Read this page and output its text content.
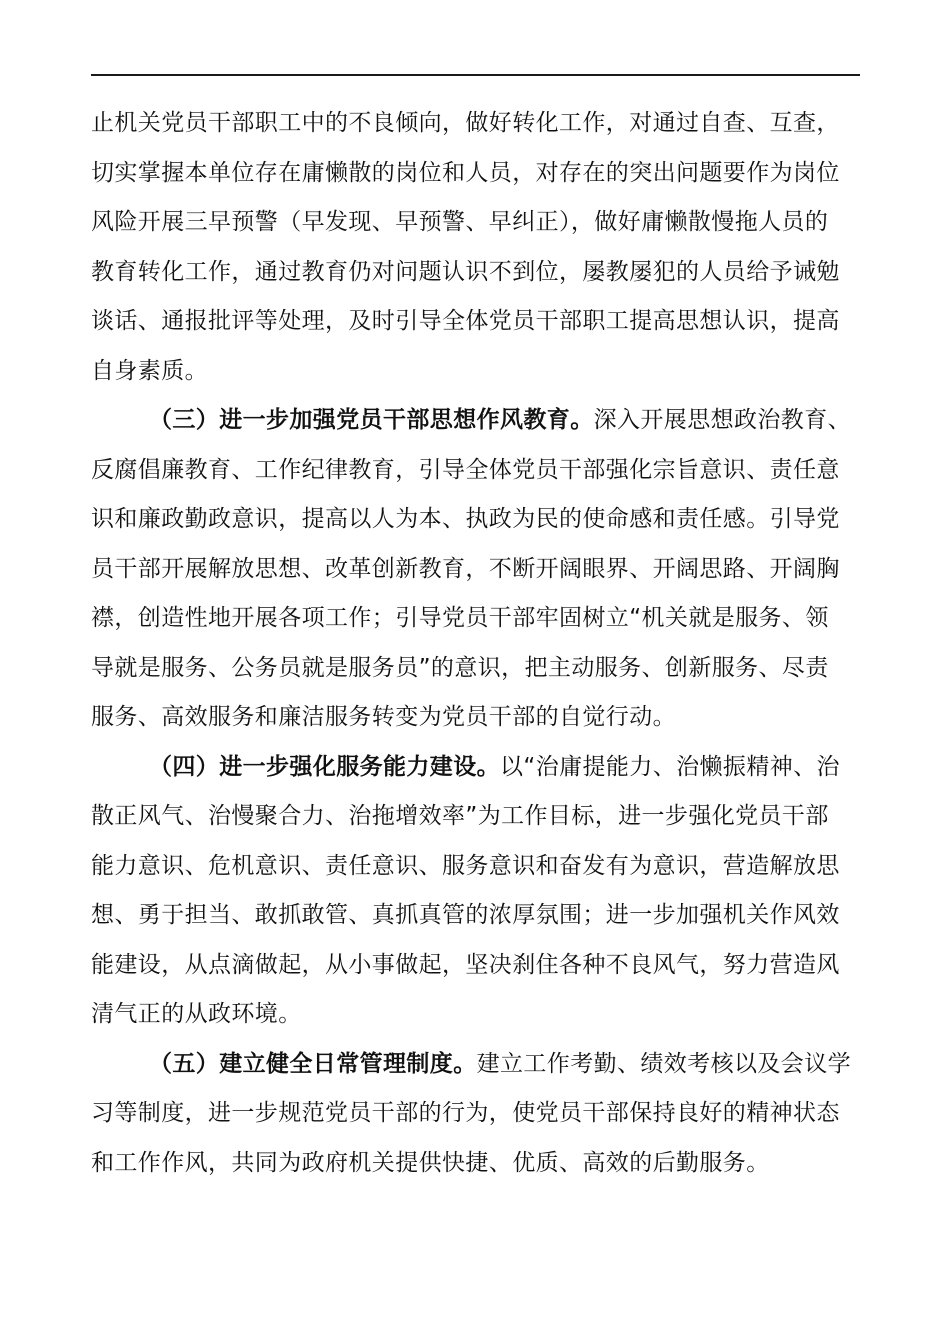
止机关党员干部职工中的不良倾向，做好转化工作，对通过自查、互查，
切实掌握本单位存在庸懒散的岗位和人员，对存在的突出问题要作为岗位
风险开展三早预警（早发现、早预警、早纠正），做好庸懒散慢拖人员的
教育转化工作，通过教育仍对问题认识不到位，屡教屡犯的人员给予诫勉
谈话、通报批评等处理，及时引导全体党员干部职工提高思想认识，提高
自身素质。
（三）进一步加强党员干部思想作风教育。深入开展思想政治教育、
反腐倡廉教育、工作纪律教育，引导全体党员干部强化宗旨意识、责任意
识和廉政勤政意识，提高以人为本、执政为民的使命感和责任感。引导党
员干部开展解放思想、改革创新教育，不断开阔眼界、开阔思路、开阔胸
襟，创造性地开展各项工作；引导党员干部牢固树立“机关就是服务、领
导就是服务、公务员就是服务员”的意识，把主动服务、创新服务、尽责
服务、高效服务和廉洁服务转变为党员干部的自觉行动。
（四）进一步强化服务能力建设。以“治庸提能力、治懒振精神、治
散正风气、治慢聚合力、治拖增效率”为工作目标，进一步强化党员干部
能力意识、危机意识、责任意识、服务意识和奋发有为意识，营造解放思
想、勇于担当、敢抓敢管、真抓真管的浓厚氛围；进一步加强机关作风效
能建设，从点滴做起，从小事做起，坚决刹住各种不良风气，努力营造风
清气正的从政环境。
（五）建立健全日常管理制度。建立工作考勤、绩效考核以及会议学
习等制度，进一步规范党员干部的行为，使党员干部保持良好的精神状态
和工作作风，共同为政府机关提供快捷、优质、高效的后勤服务。
